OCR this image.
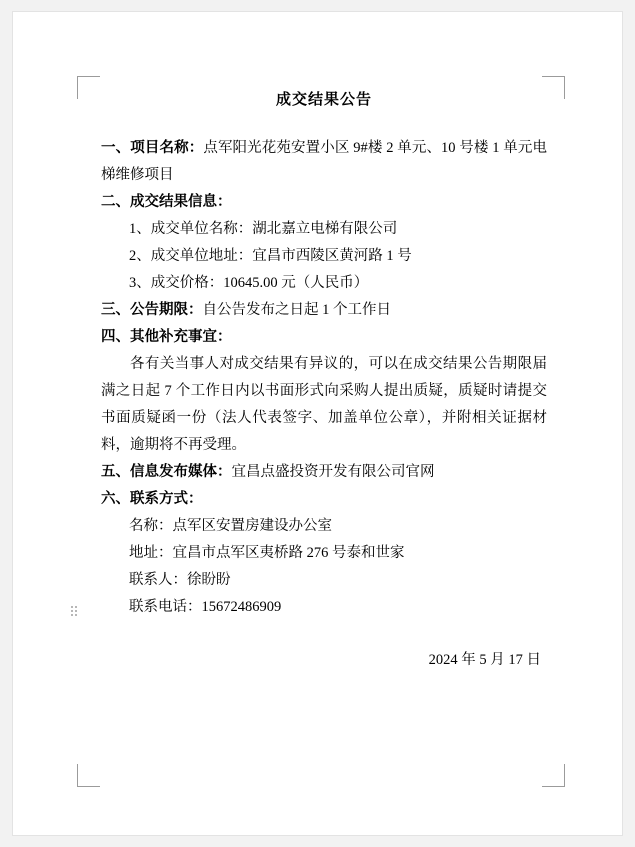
成交结果公告

一、项目名称：点军阳光花苑安置小区 9#楼 2 单元、10 号楼 1 单元电梯维修项目

二、成交结果信息：

1、成交单位名称：湖北嘉立电梯有限公司

2、成交单位地址：宜昌市西陵区黄河路 1 号

3、成交价格：10645.00 元（人民币）

三、公告期限：自公告发布之日起 1 个工作日

四、其他补充事宜：

各有关当事人对成交结果有异议的，可以在成交结果公告期限届满之日起 7 个工作日内以书面形式向采购人提出质疑，质疑时请提交书面质疑函一份（法人代表签字、加盖单位公章），并附相关证据材料，逾期将不再受理。

五、信息发布媒体：宜昌点盛投资开发有限公司官网

六、联系方式：

名称：点军区安置房建设办公室

地址：宜昌市点军区夷桥路 276 号泰和世家

联系人：徐盼盼

联系电话：15672486909

2024 年 5 月 17 日
